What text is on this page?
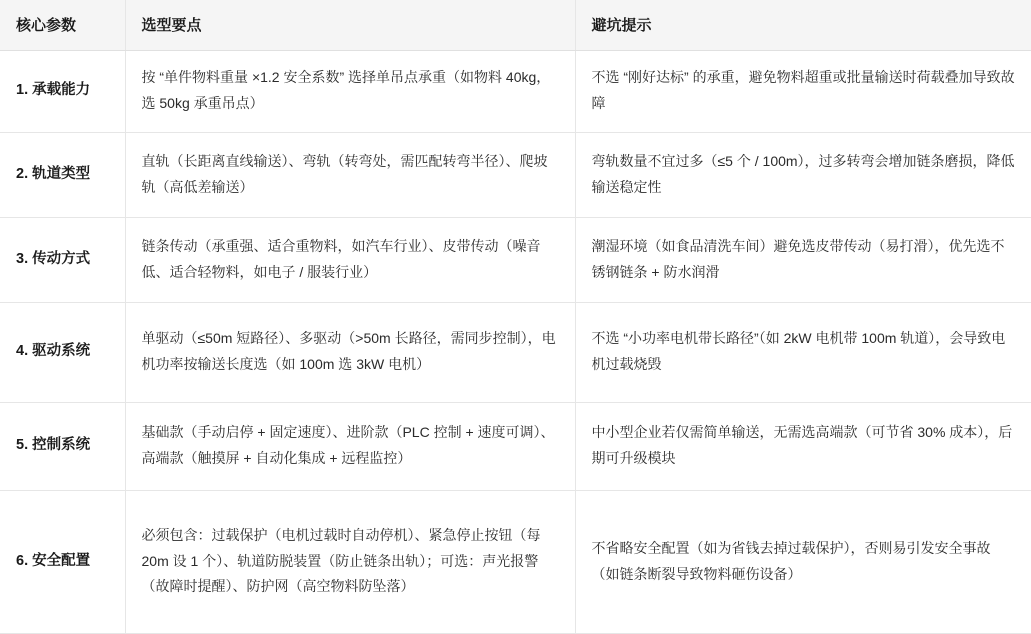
核心参数	选型要点	避坑提示
1. 承载能力	按 “单件物料重量 ×1.2 安全系数” 选择单吊点承重（如物料 40kg，选 50kg 承重吊点）	不选 “刚好达标” 的承重，避免物料超重或批量输送时荷载叠加导致故障
2. 轨道类型	直轨（长距离直线输送）、弯轨（转弯处，需匹配转弯半径）、爬坡轨（高低差输送）	弯轨数量不宜过多（≤5 个 / 100m），过多转弯会增加链条磨损，降低输送稳定性
3. 传动方式	链条传动（承重强、适合重物料，如汽车行业）、皮带传动（噪音低、适合轻物料，如电子 / 服装行业）	潮湿环境（如食品清洗车间）避免选皮带传动（易打滑），优先选不锈钢链条 + 防水润滑
4. 驱动系统	单驱动（≤50m 短路径）、多驱动（>50m 长路径，需同步控制），电机功率按输送长度选（如 100m 选 3kW 电机）	不选 “小功率电机带长路径”（如 2kW 电机带 100m 轨道），会导致电机过载烧毁
5. 控制系统	基础款（手动启停 + 固定速度）、进阶款（PLC 控制 + 速度可调）、高端款（触摸屏 + 自动化集成 + 远程监控）	中小型企业若仅需简单输送，无需选高端款（可节省 30% 成本），后期可升级模块
6. 安全配置	必须包含：过载保护（电机过载时自动停机）、紧急停止按钮（每 20m 设 1 个）、轨道防脱装置（防止链条出轨）；可选：声光报警（故障时提醒）、防护网（高空物料防坠落）	不省略安全配置（如为省钱去掉过载保护），否则易引发安全事故（如链条断裂导致物料砸伤设备）
